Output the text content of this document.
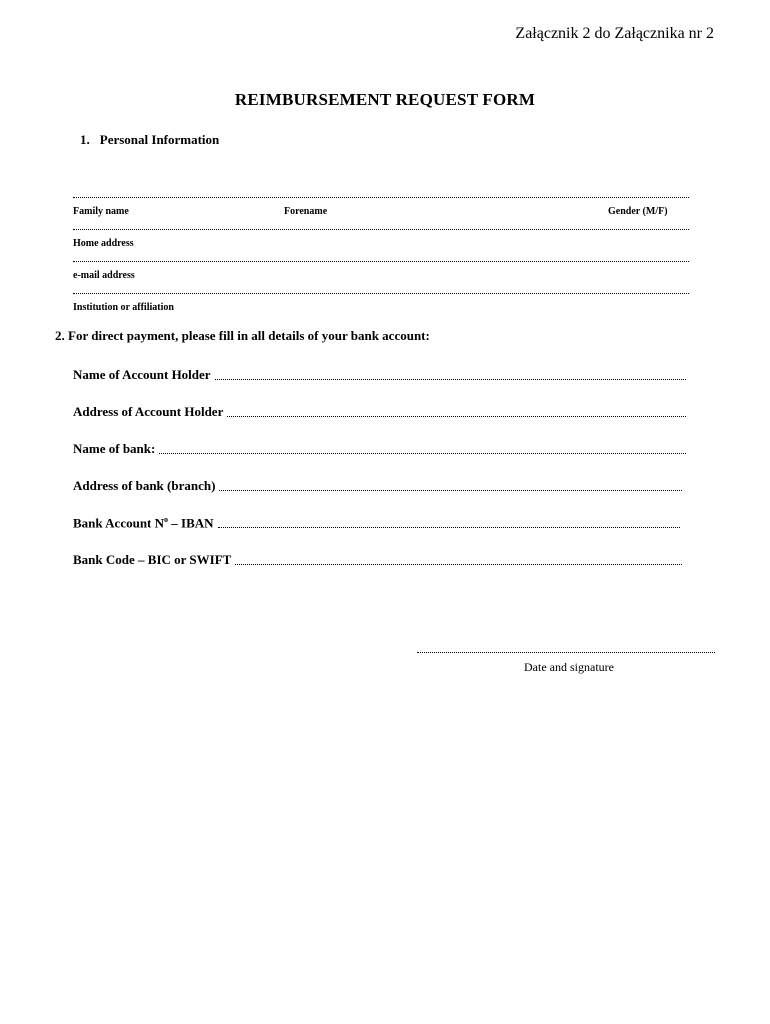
Załącznik 2 do Załącznika nr 2
REIMBURSEMENT REQUEST FORM
1. Personal Information
Family name	Forename	Gender (M/F)
Home address
e-mail address
Institution or affiliation
2. For direct payment, please fill in all details of your bank account:
Name of Account Holder
Address of Account Holder
Name of bank:
Address of bank (branch)
Bank Account $N^o$ – IBAN
Bank Code – BIC or SWIFT
Date and signature
